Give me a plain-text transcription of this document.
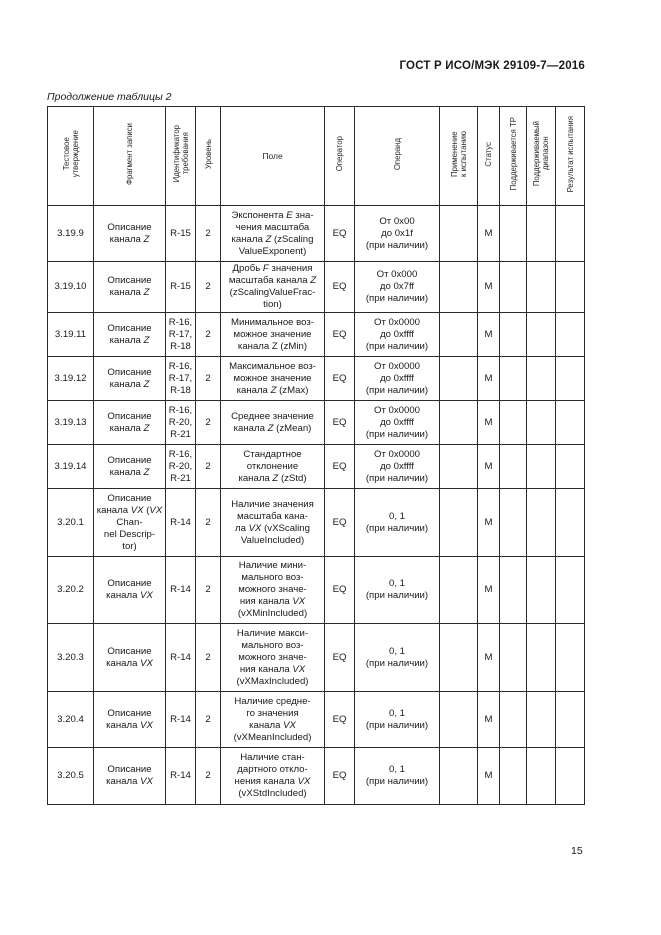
ГОСТ Р ИСО/МЭК 29109-7—2016
Продолжение таблицы 2
Тестовое
утверждение	Фрагмент записи	Идентификатор
требования	Уровень	Поле	Оператор	Операнд	Применение
к испытанию	Статус	Поддерживается ТР	Поддерживаемый
диапазон	Результат испытания
3.19.9	Описание канала Z	R-15	2	Экспонента E зна-
чения масштаба
канала Z (zScaling
ValueExponent)	EQ	От 0x00
до 0x1f
(при наличии)		M			
3.19.10	Описание канала Z	R-15	2	Дробь F значения
масштаба канала Z
(zScalingValueFrac-
tion)	EQ	От 0x000
до 0x7ff
(при наличии)		M			
3.19.11	Описание канала Z	R-16,
R-17,
R-18	2	Минимальное воз-
можное значение
канала Z (zMin)	EQ	От 0x0000
до 0xffff
(при наличии)		M			
3.19.12	Описание канала Z	R-16,
R-17,
R-18	2	Максимальное воз-
можное значение
канала Z (zMax)	EQ	От 0x0000
до 0xffff
(при наличии)		M			
3.19.13	Описание канала Z	R-16,
R-20,
R-21	2	Среднее значение
канала Z (zMean)	EQ	От 0x0000
до 0xffff
(при наличии)		M			
3.19.14	Описание канала Z	R-16,
R-20,
R-21	2	Стандартное
отклонение
канала Z (zStd)	EQ	От 0x0000
до 0xffff
(при наличии)		M			
3.20.1	Описание канала VX (VX Chan-
nel Descrip-
tor)	R-14	2	Наличие значения
масштаба кана-
ла VX (vXScaling
ValueIncluded)	EQ	0, 1
(при наличии)		M			
3.20.2	Описание канала VX	R-14	2	Наличие мини-
мального воз-
можного значе-
ния канала VX
(vXMinIncluded)	EQ	0, 1
(при наличии)		M			
3.20.3	Описание канала VX	R-14	2	Наличие макси-
мального воз-
можного значе-
ния канала VX
(vXMaxIncluded)	EQ	0, 1
(при наличии)		M			
3.20.4	Описание канала VX	R-14	2	Наличие средне-
го значения
канала VX
(vXMeanIncluded)	EQ	0, 1
(при наличии)		M			
3.20.5	Описание канала VX	R-14	2	Наличие стан-
дартного откло-
нения канала VX
(vXStdIncluded)	EQ	0, 1
(при наличии)		M			
15
